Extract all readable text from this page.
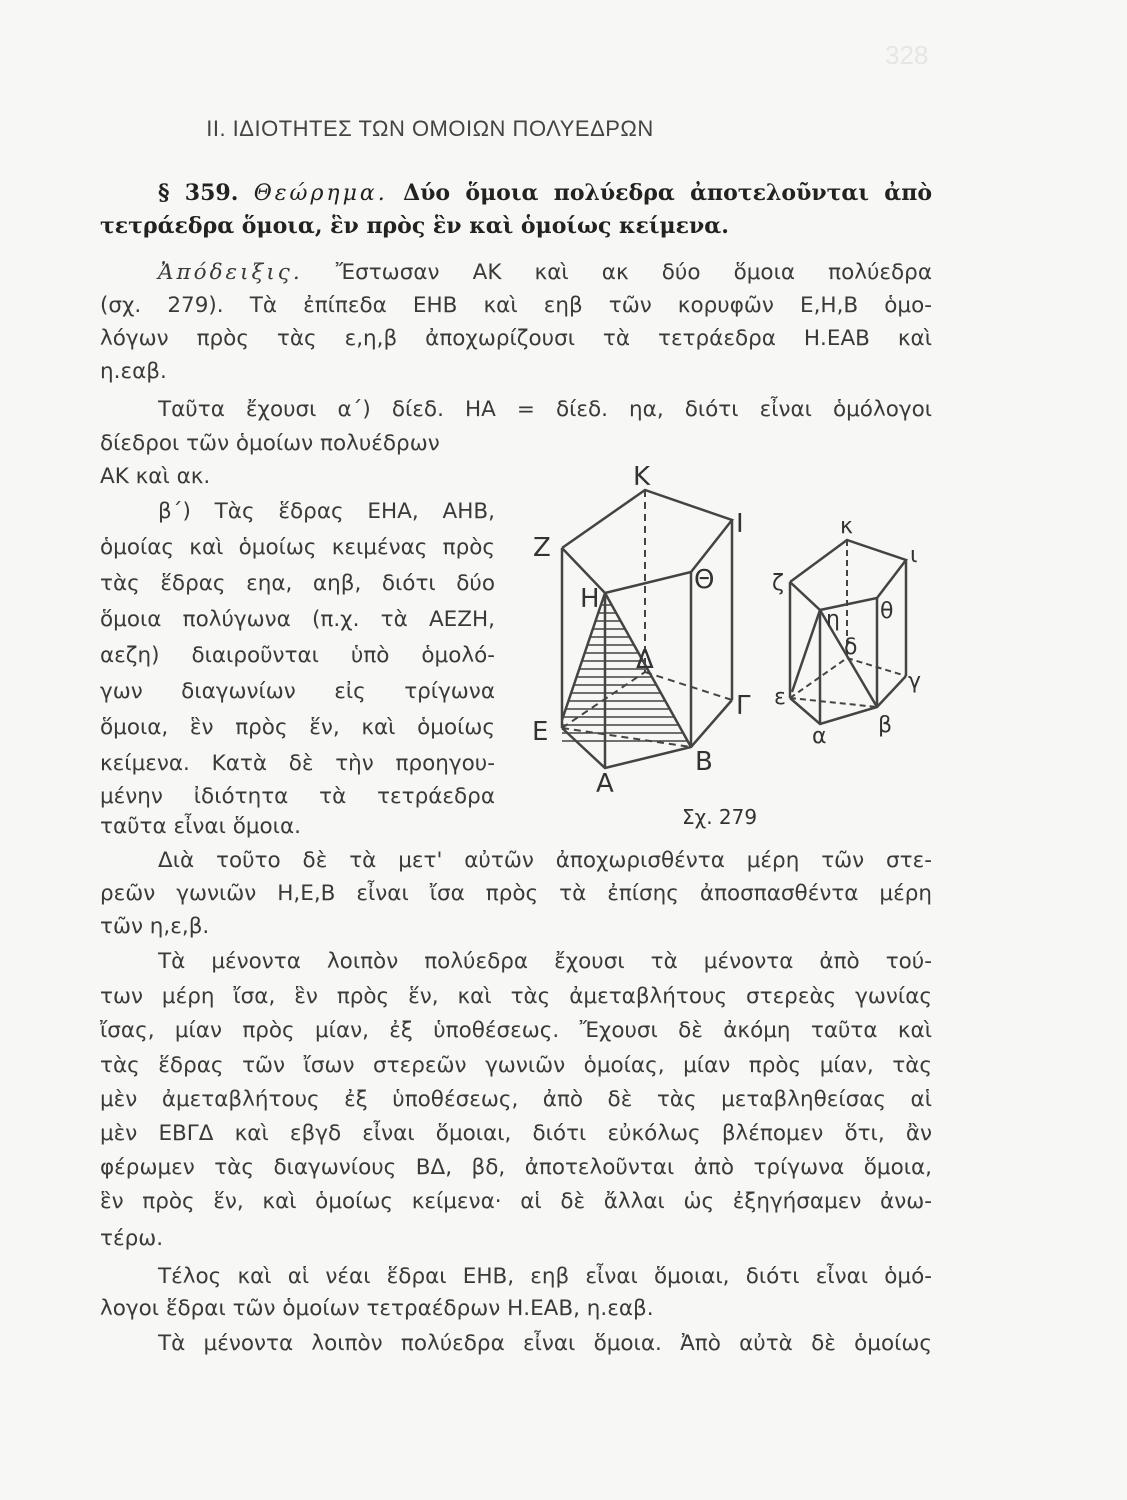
328
II. ΙΔΙΟΤΗΤΕΣ ΤΩΝ ΟΜΟΙΩΝ ΠΟΛΥΕΔΡΩΝ
§ 359. Θεώρημα. Δύο ὅμοια πολύεδρα ἀποτελοῦνται ἀπὸ
τετράεδρα ὅμοια, ἓν πρὸς ἓν καὶ ὁμοίως κείμενα.
Ἀπόδειξις. Ἔστωσαν ΑΚ καὶ ακ δύο ὅμοια πολύεδρα
(σχ. 279). Τὰ ἐπίπεδα ΕΗΒ καὶ εηβ τῶν κορυφῶν Ε,Η,Β ὁμο-
λόγων πρὸς τὰς ε,η,β ἀποχωρίζουσι τὰ τετράεδρα Η.ΕΑΒ καὶ
η.εαβ.
Ταῦτα ἔχουσι α΄) δίεδ. ΗΑ = δίεδ. ηα, διότι εἶναι ὁμόλογοι
δίεδροι τῶν ὁμοίων πολυέδρων
ΑΚ καὶ ακ.
β΄) Τὰς ἕδρας ΕΗΑ, ΑΗΒ,
ὁμοίας καὶ ὁμοίως κειμένας πρὸς
τὰς ἕδρας εηα, αηβ, διότι δύο
ὅμοια πολύγωνα (π.χ. τὰ ΑΕΖΗ,
αεζη) διαιροῦνται ὑπὸ ὁμολό-
γων διαγωνίων εἰς τρίγωνα
ὅμοια, ἓν πρὸς ἕν, καὶ ὁμοίως
κείμενα. Κατὰ δὲ τὴν προηγου-
μένην ἰδιότητα τὰ τετράεδρα
ταῦτα εἶναι ὅμοια.
Κ
Ι
Ζ
Θ
Η
Δ
Γ
Ε
Β
Α
κ
ι
ζ
θ
η
δ
γ
ε
β
α
Σχ. 279
Διὰ τοῦτο δὲ τὰ μετ' αὐτῶν ἀποχωρισθέντα μέρη τῶν στε-
ρεῶν γωνιῶν Η,Ε,Β εἶναι ἴσα πρὸς τὰ ἐπίσης ἀποσπασθέντα μέρη
τῶν η,ε,β.
Τὰ μένοντα λοιπὸν πολύεδρα ἔχουσι τὰ μένοντα ἀπὸ τού-
των μέρη ἴσα, ἓν πρὸς ἕν, καὶ τὰς ἀμεταβλήτους στερεὰς γωνίας
ἴσας, μίαν πρὸς μίαν, ἐξ ὑποθέσεως. Ἔχουσι δὲ ἀκόμη ταῦτα καὶ
τὰς ἕδρας τῶν ἴσων στερεῶν γωνιῶν ὁμοίας, μίαν πρὸς μίαν, τὰς
μὲν ἀμεταβλήτους ἐξ ὑποθέσεως, ἀπὸ δὲ τὰς μεταβληθείσας αἱ
μὲν ΕΒΓΔ καὶ εβγδ εἶναι ὅμοιαι, διότι εὐκόλως βλέπομεν ὅτι, ἂν
φέρωμεν τὰς διαγωνίους ΒΔ, βδ, ἀποτελοῦνται ἀπὸ τρίγωνα ὅμοια,
ἓν πρὸς ἕν, καὶ ὁμοίως κείμενα· αἱ δὲ ἄλλαι ὡς ἐξηγήσαμεν ἀνω-
τέρω.
Τέλος καὶ αἱ νέαι ἕδραι ΕΗΒ, εηβ εἶναι ὅμοιαι, διότι εἶναι ὁμό-
λογοι ἕδραι τῶν ὁμοίων τετραέδρων Η.ΕΑΒ, η.εαβ.
Τὰ μένοντα λοιπὸν πολύεδρα εἶναι ὅμοια. Ἀπὸ αὐτὰ δὲ ὁμοίως
